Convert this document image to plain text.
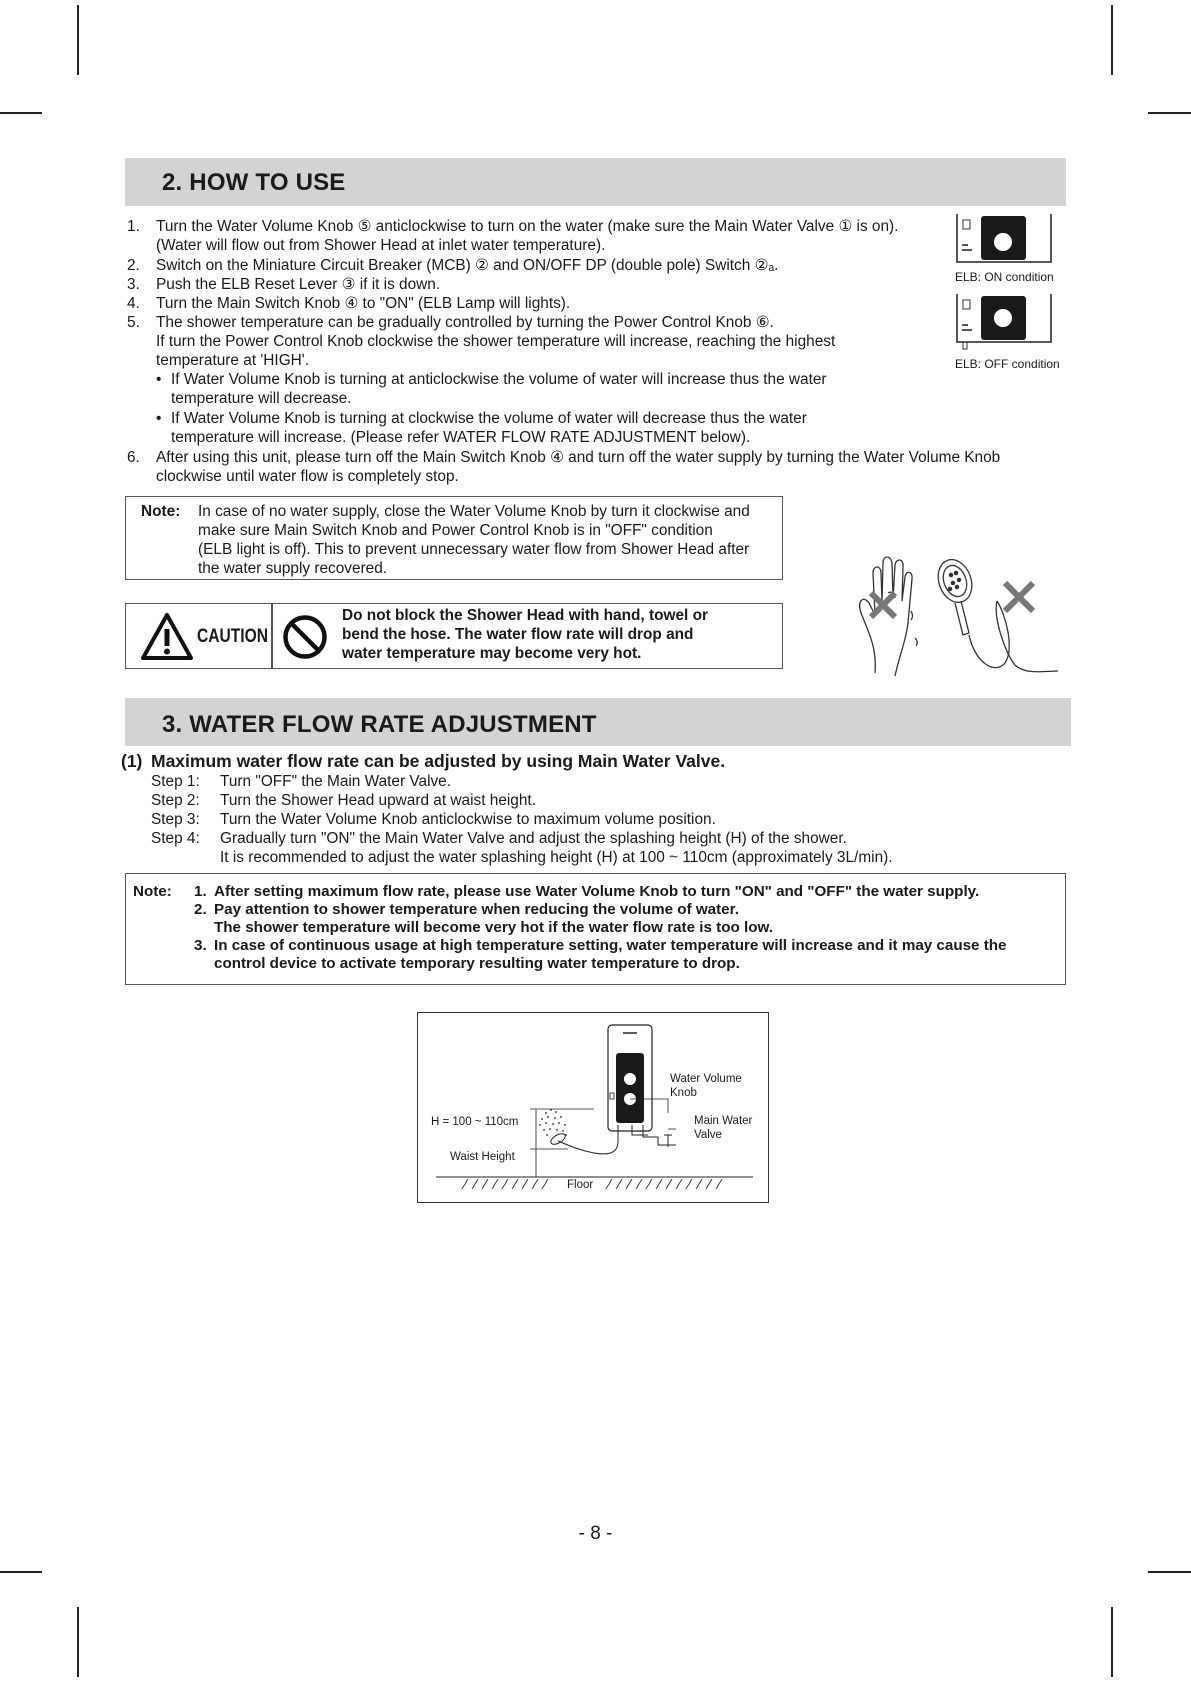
2. HOW TO USE
1. Turn the Water Volume Knob ⑤ anticlockwise to turn on the water (make sure the Main Water Valve ① is on).
(Water will flow out from Shower Head at inlet water temperature).
2. Switch on the Miniature Circuit Breaker (MCB) ② and ON/OFF DP (double pole) Switch ②ₐ.
3. Push the ELB Reset Lever ③ if it is down.
4. Turn the Main Switch Knob ④ to "ON" (ELB Lamp will lights).
5. The shower temperature can be gradually controlled by turning the Power Control Knob ⑥.
If turn the Power Control Knob clockwise the shower temperature will increase, reaching the highest
temperature at 'HIGH'.
• If Water Volume Knob is turning at anticlockwise the volume of water will increase thus the water
temperature will decrease.
• If Water Volume Knob is turning at clockwise the volume of water will decrease thus the water
temperature will increase. (Please refer WATER FLOW RATE ADJUSTMENT below).
6. After using this unit, please turn off the Main Switch Knob ④ and turn off the water supply by turning the Water Volume Knob
clockwise until water flow is completely stop.
ELB: ON condition
ELB: OFF condition
Note: In case of no water supply, close the Water Volume Knob by turn it clockwise and
make sure Main Switch Knob and Power Control Knob is in "OFF" condition
(ELB light is off). This to prevent unnecessary water flow from Shower Head after
the water supply recovered.
CAUTION
Do not block the Shower Head with hand, towel or
bend the hose. The water flow rate will drop and
water temperature may become very hot.
3. WATER FLOW RATE ADJUSTMENT
(1) Maximum water flow rate can be adjusted by using Main Water Valve.
Step 1: Turn "OFF" the Main Water Valve.
Step 2: Turn the Shower Head upward at waist height.
Step 3: Turn the Water Volume Knob anticlockwise to maximum volume position.
Step 4: Gradually turn "ON" the Main Water Valve and adjust the splashing height (H) of the shower.
It is recommended to adjust the water splashing height (H) at 100 ~ 110cm (approximately 3L/min).
Note: 1. After setting maximum flow rate, please use Water Volume Knob to turn "ON" and "OFF" the water supply.
2. Pay attention to shower temperature when reducing the volume of water.
The shower temperature will become very hot if the water flow rate is too low.
3. In case of continuous usage at high temperature setting, water temperature will increase and it may cause the
control device to activate temporary resulting water temperature to drop.
Water Volume
Knob
Main Water
Valve
H = 100 ~ 110cm
Waist Height
Floor
- 8 -
